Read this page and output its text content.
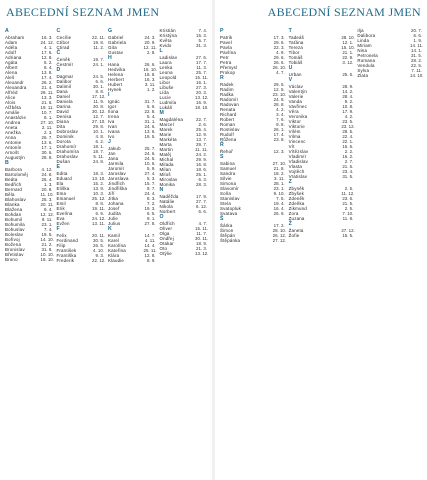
ABECEDNÍ SEZNAM JMEN
A
Abraham	16. 3.
Adam	24. 12.
Adéla	4. 1.
Adolf	17. 6.
Adriana	12. 8.
Agáta	5. 2.
Albert	8. 4.
Alena	13. 8.
Aleš	17. 4.
Alexandr	26. 2.
Alexandra	21. 4.
Alfréd	28. 11.
Alice	13. 3.
Alois	21. 6.
Alžběta	19. 11.
Amálie	10. 7.
Anastázie	8. 1.
Andrea	27. 10.
Aneta	2. 11.
Anežka	2. 3.
Anna	26. 7.
Antonie	13. 6.
Antonín	17. 1.
Arnošt	30. 6.
Augustýn	28. 8.
B
Barbora	4. 12.
Bartoloměj	24. 8.
Beáta	26. 4.
Bedřich	1. 3.
Bernard	20. 8.
Běla	11. 10.
Blahoslav	25. 3.
Blanka	20. 11.
Blažena	9. 4.
Bohdan	12. 12.
Bohumil	9. 11.
Bohumila	23. 1.
Bohuslav	7. 4.
Boleslav	19. 5.
Bořivoj	14. 10.
Božena	21. 2.
Bronislav	31. 8.
Břetislav	10. 10.
Bruno	18. 10.
C
Cecílie	22. 11.
Ctibor	19. 8.
Ctirad	11. 2.
Č
Čeněk	19. 7.
Čestmír	24. 1.
D
Dagmar	24. 5.
Dalibor	6. 6.
Dalimil	30. 1.
Dana	8. 8.
Daniel	17. 12.
Daniela	11. 9.
Darina	30. 8.
David	30. 12.
Denisa	12. 7.
Diana	27. 10.
Dita	29. 8.
Dobroslav	10. 1.
Dominik	4. 8.
Dorota	6. 2.
Drahomír	18. 1.
Drahomíra	18. 7.
Drahoslav	5. 11.
Dušan	24. 8.
E
Edita	18. 3.
Eduard	13. 10.
Ela	15. 2.
Eliška	13. 9.
Ema	10. 3.
Emanuel	25. 12.
Emil	8. 8.
Erik	19. 11.
Evelína	6. 9.
Eva	24. 12.
Evžen	13. 11.
F
Felix	20. 11.
Ferdinand	30. 5.
Filip	26. 5.
František	4. 10.
Františka	9. 3.
Frederik	22. 12.
G
Gabriel	24. 3.
Gabriela	20. 9.
Gita	12. 11.
Gustav	2. 8.
H
Hana	26. 6.
Hedvika	16. 10.
Helena	18. 8.
Herbert	16. 3.
Hubert	3. 11.
Hynek	1. 2.
I
Ignác	31. 7.
Igor	5. 6.
Ilona	22. 8.
Irena	5. 4.
Iva	31. 1.
Ivan	24. 6.
Ivana	13. 6.
Ivo	19. 5.
J
Jakub	25. 7.
Jan	24. 6.
Jana	24. 5.
Jarmila	10. 6.
Jaromír	5. 9.
Jaroslav	27. 4.
Jaroslava	5. 3.
Jindřich	15. 7.
Jindřiška	9. 7.
Jiří	24. 4.
Jitka	8. 3.
Johana	7. 2.
Josef	19. 3.
Judita	6. 5.
Julie	9. 1.
Julius	27. 8.
K
Kamil	14. 7.
Karel	4. 11.
Karolína	14. 4.
Kateřina	25. 11.
Klára	12. 8.
Klaudie	8. 9.
Kristián	7. 4.
Kristýna	15. 3.
Květa	5. 7.
Kvido	31. 3.
L
Ladislav	27. 6.
Laura	17. 7.
Lenka	11. 3.
Leona	25. 7.
Leopold	15. 11.
Libor	16. 1.
Libuše	27. 3.
Lída	20. 3.
Lucie	13. 12.
Ludmila	16. 9.
Lukáš	18. 10.
M
Magdaléna	22. 7.
Marcel	2. 6.
Marek	25. 4.
Marie	12. 9.
Markéta	13. 7.
Marta	29. 7.
Martin	11. 11.
Matěj	24. 2.
Michal	29. 9.
Milada	16. 8.
Milan	18. 6.
Miloš	25. 1.
Miroslav	6. 3.
Monika	28. 3.
N
Naděžda	17. 9.
Natálie	27. 7.
Nikola	6. 12.
Norbert	6. 6.
O
Oldřich	4. 7.
Oliver	15. 11.
Olga	11. 7.
Ondřej	30. 11.
Otakar	18. 9.
Oto	21. 3.
Otýlie	13. 12.
ABECEDNÍ SEZNAM JMEN
P
Patrik	17. 3.
Pavel	29. 6.
Pavla	22. 3.
Pavlína	4. 9.
Petr	29. 6.
Petra	26. 6.
Přemysl	26. 10.
Prokop	4. 7.
R
Radek	29. 5.
Radim	12. 5.
Radka	23. 10.
Radomír	24. 8.
Radovan	28. 8.
Renata	4. 2.
Richard	3. 4.
Robert	7. 6.
Roman	9. 8.
Rostislav	26. 1.
Rudolf	17. 4.
Růžena	23. 8.
Ř
Řehoř	12. 3.
S
Sabina	27. 10.
Samuel	21. 8.
Sandra	18. 2.
Silvie	3. 11.
Simona	28. 1.
Slavomír	23. 1.
Soňa	9. 10.
Stanislav	7. 5.
Stela	19. 4.
Svatopluk	16. 4.
Svatava	26. 9.
Š
Šárka	17. 2.
Šimon	28. 10.
Štěpán	26. 12.
Štěpánka	27. 12.
T
Tadeáš	28. 10.
Taťána	12. 1.
Tereza	15. 10.
Tibor	21. 1.
Tomáš	22. 9.
Tobiáš	3. 12.
U
Urban	25. 5.
V
Václav	28. 9.
Valentýn	14. 2.
Valerie	28. 4.
Vanda	9. 2.
Vavřinec	10. 8.
Věra	17. 9.
Veronika	4. 2.
Viktor	23. 5.
Viktorie	23. 12.
Vilém	28. 5.
Vilma	22. 4.
Vincenc	22. 1.
Vít	15. 6.
Vítězslav	2. 2.
Vladimír	16. 2.
Vladislav	2. 7.
Vlasta	21. 5.
Vojtěch	23. 4.
Vratislav	31. 5.
Z
Zbyněk	2. 5.
Zbyšek	11. 12.
Zdeněk	23. 6.
Zdeňka	21. 5.
Zikmund	2. 5.
Zora	7. 10.
Zuzana	11. 8.
Ž
Žaneta	27. 12.
Žofie	15. 5.
Ilja	20. 7.
Dalibora	6. 6.
Linda	1. 9.
Miriam	14. 11.
Nina	14. 1.
Petronela	31. 5.
Romana	28. 2.
Vendula	22. 5.
Sylva	7. 11.
Zlata	14. 10.
